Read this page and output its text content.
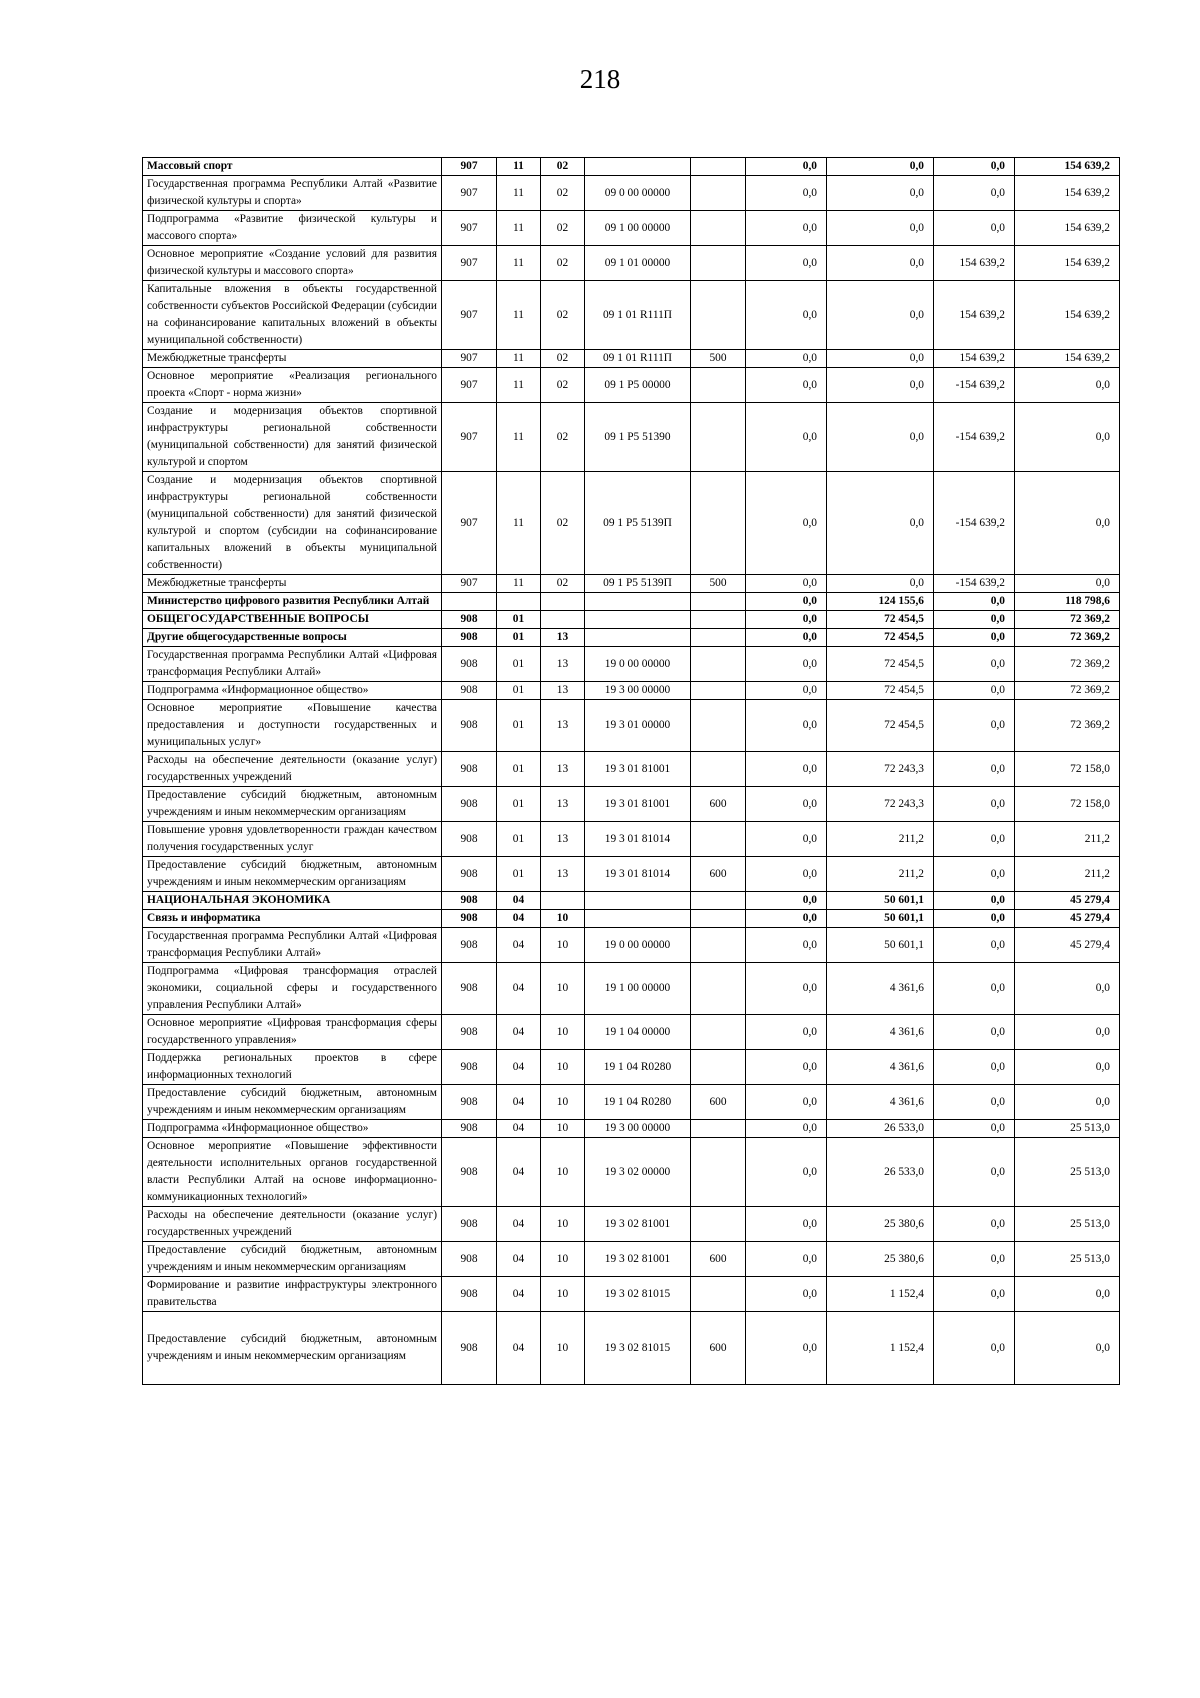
218
Массовый спорт	907	11	02			0,0	0,0	0,0	154 639,2
Государственная программа Республики Алтай «Развитие физической культуры и спорта»	907	11	02	09 0 00 00000		0,0	0,0	0,0	154 639,2
Подпрограмма «Развитие физической культуры и массового спорта»	907	11	02	09 1 00 00000		0,0	0,0	0,0	154 639,2
Основное мероприятие «Создание условий для развития физической культуры и массового спорта»	907	11	02	09 1 01 00000		0,0	0,0	154 639,2	154 639,2
Капитальные вложения в объекты государственной собственности субъектов Российской Федерации (субсидии на софинансирование капитальных вложений в объекты муниципальной собственности)	907	11	02	09 1 01 R111П		0,0	0,0	154 639,2	154 639,2
Межбюджетные трансферты	907	11	02	09 1 01 R111П	500	0,0	0,0	154 639,2	154 639,2
Основное мероприятие «Реализация регионального проекта «Спорт - норма жизни»	907	11	02	09 1 P5 00000		0,0	0,0	-154 639,2	0,0
Создание и модернизация объектов спортивной инфраструктуры региональной собственности (муниципальной собственности) для занятий физической культурой и спортом	907	11	02	09 1 P5 51390		0,0	0,0	-154 639,2	0,0
Создание и модернизация объектов спортивной инфраструктуры региональной собственности (муниципальной собственности) для занятий физической культурой и спортом (субсидии на софинансирование капитальных вложений в объекты муниципальной собственности)	907	11	02	09 1 P5 5139П		0,0	0,0	-154 639,2	0,0
Межбюджетные трансферты	907	11	02	09 1 P5 5139П	500	0,0	0,0	-154 639,2	0,0
Министерство цифрового развития Республики Алтай						0,0	124 155,6	0,0	118 798,6
ОБЩЕГОСУДАРСТВЕННЫЕ ВОПРОСЫ	908	01				0,0	72 454,5	0,0	72 369,2
Другие общегосударственные вопросы	908	01	13			0,0	72 454,5	0,0	72 369,2
Государственная программа Республики Алтай «Цифровая трансформация Республики Алтай»	908	01	13	19 0 00 00000		0,0	72 454,5	0,0	72 369,2
Подпрограмма «Информационное общество»	908	01	13	19 3 00 00000		0,0	72 454,5	0,0	72 369,2
Основное мероприятие «Повышение качества предоставления и доступности государственных и муниципальных услуг»	908	01	13	19 3 01 00000		0,0	72 454,5	0,0	72 369,2
Расходы на обеспечение деятельности (оказание услуг) государственных учреждений	908	01	13	19 3 01 81001		0,0	72 243,3	0,0	72 158,0
Предоставление субсидий бюджетным, автономным учреждениям и иным некоммерческим организациям	908	01	13	19 3 01 81001	600	0,0	72 243,3	0,0	72 158,0
Повышение уровня удовлетворенности граждан качеством получения государственных услуг	908	01	13	19 3 01 81014		0,0	211,2	0,0	211,2
Предоставление субсидий бюджетным, автономным учреждениям и иным некоммерческим организациям	908	01	13	19 3 01 81014	600	0,0	211,2	0,0	211,2
НАЦИОНАЛЬНАЯ ЭКОНОМИКА	908	04				0,0	50 601,1	0,0	45 279,4
Связь и информатика	908	04	10			0,0	50 601,1	0,0	45 279,4
Государственная программа Республики Алтай «Цифровая трансформация Республики Алтай»	908	04	10	19 0 00 00000		0,0	50 601,1	0,0	45 279,4
Подпрограмма «Цифровая трансформация отраслей экономики, социальной сферы и государственного управления Республики Алтай»	908	04	10	19 1 00 00000		0,0	4 361,6	0,0	0,0
Основное мероприятие «Цифровая трансформация сферы государственного управления»	908	04	10	19 1 04 00000		0,0	4 361,6	0,0	0,0
Поддержка региональных проектов в сфере информационных технологий	908	04	10	19 1 04 R0280		0,0	4 361,6	0,0	0,0
Предоставление субсидий бюджетным, автономным учреждениям и иным некоммерческим организациям	908	04	10	19 1 04 R0280	600	0,0	4 361,6	0,0	0,0
Подпрограмма «Информационное общество»	908	04	10	19 3 00 00000		0,0	26 533,0	0,0	25 513,0
Основное мероприятие «Повышение эффективности деятельности исполнительных органов государственной власти Республики Алтай на основе информационно-коммуникационных технологий»	908	04	10	19 3 02 00000		0,0	26 533,0	0,0	25 513,0
Расходы на обеспечение деятельности (оказание услуг) государственных учреждений	908	04	10	19 3 02 81001		0,0	25 380,6	0,0	25 513,0
Предоставление субсидий бюджетным, автономным учреждениям и иным некоммерческим организациям	908	04	10	19 3 02 81001	600	0,0	25 380,6	0,0	25 513,0
Формирование и развитие инфраструктуры электронного правительства	908	04	10	19 3 02 81015		0,0	1 152,4	0,0	0,0
Предоставление субсидий бюджетным, автономным учреждениям и иным некоммерческим организациям	908	04	10	19 3 02 81015	600	0,0	1 152,4	0,0	0,0
